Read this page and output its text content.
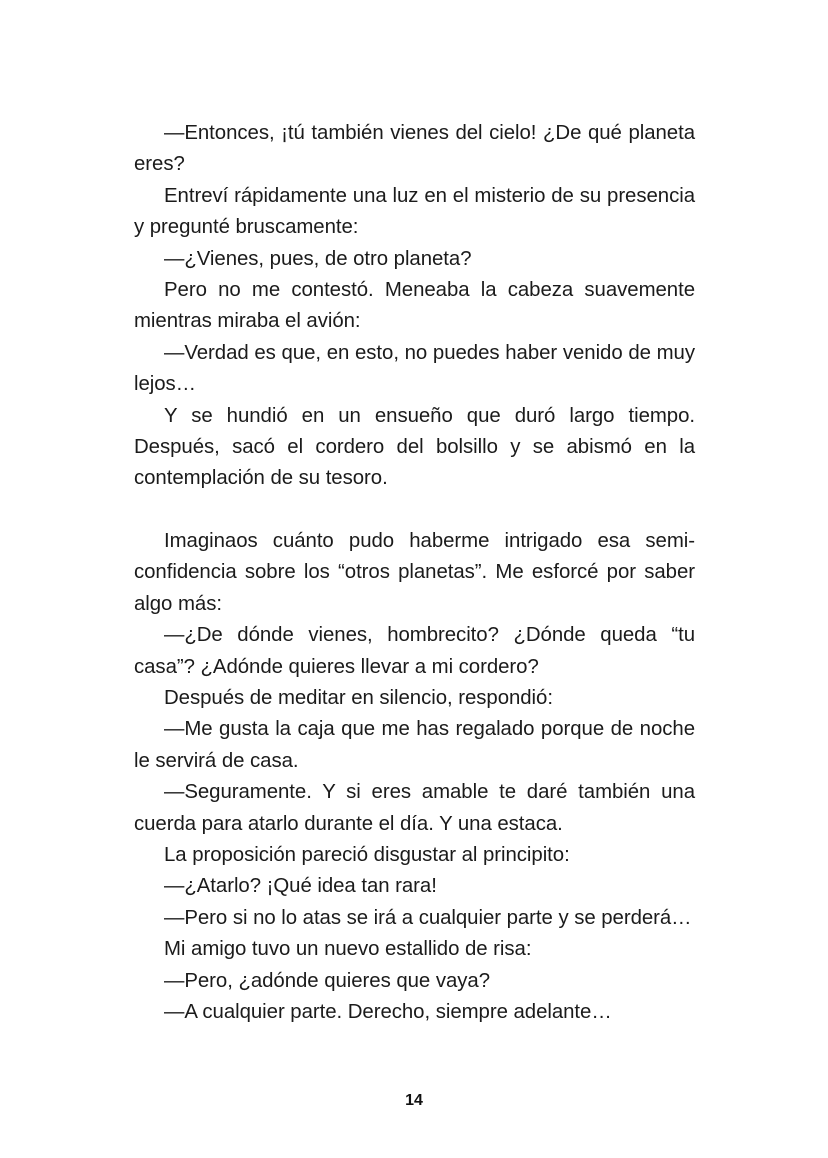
—Entonces, ¡tú también vienes del cielo! ¿De qué planeta eres?

Entreví rápidamente una luz en el misterio de su presencia y pregunté bruscamente:

—¿Vienes, pues, de otro planeta?

Pero no me contestó. Meneaba la cabeza suavemente mientras miraba el avión:

—Verdad es que, en esto, no puedes haber venido de muy lejos…

Y se hundió en un ensueño que duró largo tiempo. Después, sacó el cordero del bolsillo y se abismó en la contemplación de su tesoro.

Imaginaos cuánto pudo haberme intrigado esa semi-confidencia sobre los “otros planetas”. Me esforcé por saber algo más:

—¿De dónde vienes, hombrecito? ¿Dónde queda “tu casa”? ¿Adónde quieres llevar a mi cordero?

Después de meditar en silencio, respondió:

—Me gusta la caja que me has regalado porque de noche le servirá de casa.

—Seguramente. Y si eres amable te daré también una cuerda para atarlo durante el día. Y una estaca.

La proposición pareció disgustar al principito:

—¿Atarlo? ¡Qué idea tan rara!

—Pero si no lo atas se irá a cualquier parte y se perderá…

Mi amigo tuvo un nuevo estallido de risa:

—Pero, ¿adónde quieres que vaya?

—A cualquier parte. Derecho, siempre adelante…

14
